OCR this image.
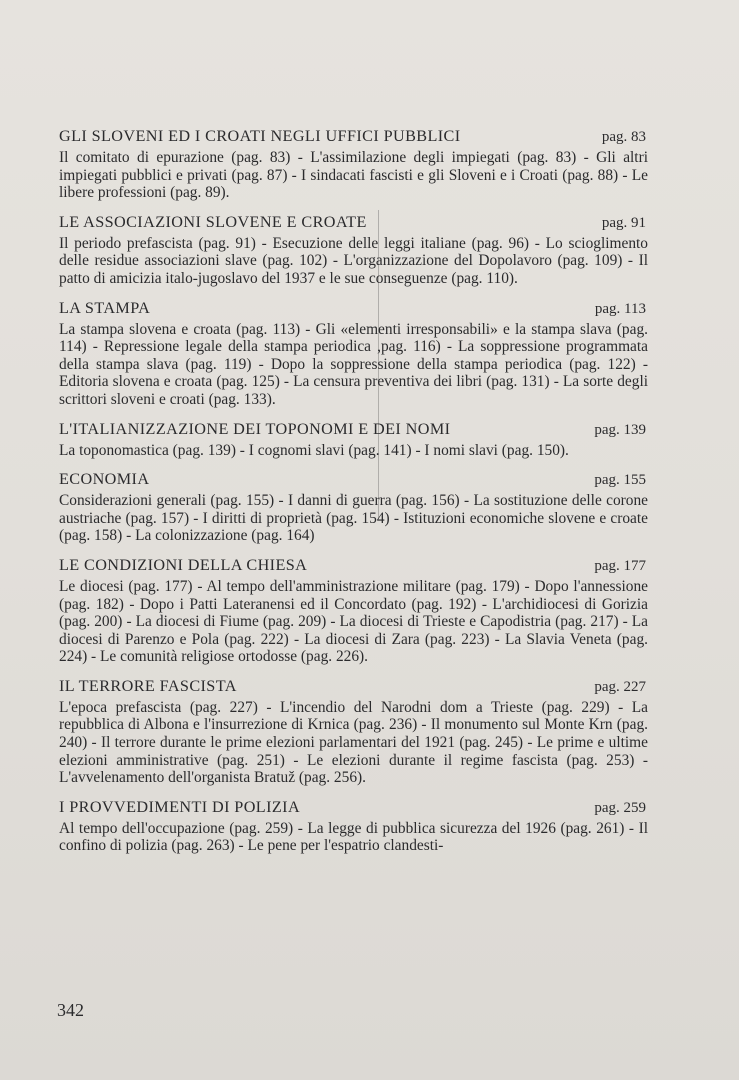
GLI SLOVENI ED I CROATI NEGLI UFFICI PUBBLICI	pag. 83
Il comitato di epurazione (pag. 83) - L'assimilazione degli impiegati (pag. 83) - Gli altri impiegati pubblici e privati (pag. 87) - I sindacati fascisti e gli Sloveni e i Croati (pag. 88) - Le libere professioni (pag. 89).
LE ASSOCIAZIONI SLOVENE E CROATE	pag. 91
Il periodo prefascista (pag. 91) - Esecuzione delle leggi italiane (pag. 96) - Lo scioglimento delle residue associazioni slave (pag. 102) - L'organizzazione del Dopolavoro (pag. 109) - Il patto di amicizia italo-jugoslavo del 1937 e le sue conseguenze (pag. 110).
LA STAMPA	pag. 113
La stampa slovena e croata (pag. 113) - Gli «elementi irresponsabili» e la stampa slava (pag. 114) - Repressione legale della stampa periodica ,pag. 116) - La soppressione programmata della stampa slava (pag. 119) - Dopo la soppressione della stampa periodica (pag. 122) - Editoria slovena e croata (pag. 125) - La censura preventiva dei libri (pag. 131) - La sorte degli scrittori sloveni e croati (pag. 133).
L'ITALIANIZZAZIONE DEI TOPONOMI E DEI NOMI	pag. 139
La toponomastica (pag. 139) - I cognomi slavi (pag. 141) - I nomi slavi (pag. 150).
ECONOMIA	pag. 155
Considerazioni generali (pag. 155) - I danni di guerra (pag. 156) - La sostituzione delle corone austriache (pag. 157) - I diritti di proprietà (pag. 154) - Istituzioni economiche slovene e croate (pag. 158) - La colonizzazione (pag. 164)
LE CONDIZIONI DELLA CHIESA	pag. 177
Le diocesi (pag. 177) - Al tempo dell'amministrazione militare (pag. 179) - Dopo l'annessione (pag. 182) - Dopo i Patti Lateranensi ed il Concordato (pag. 192) - L'archidiocesi di Gorizia (pag. 200) - La diocesi di Fiume (pag. 209) - La diocesi di Trieste e Capodistria (pag. 217) - La diocesi di Parenzo e Pola (pag. 222) - La diocesi di Zara (pag. 223) - La Slavia Veneta (pag. 224) - Le comunità religiose ortodosse (pag. 226).
IL TERRORE FASCISTA	pag. 227
L'epoca prefascista (pag. 227) - L'incendio del Narodni dom a Trieste (pag. 229) - La repubblica di Albona e l'insurrezione di Krnica (pag. 236) - Il monumento sul Monte Krn (pag. 240) - Il terrore durante le prime elezioni parlamentari del 1921 (pag. 245) - Le prime e ultime elezioni amministrative (pag. 251) - Le elezioni durante il regime fascista (pag. 253) - L'avvelenamento dell'organista Bratuž (pag. 256).
I PROVVEDIMENTI DI POLIZIA	pag. 259
Al tempo dell'occupazione (pag. 259) - La legge di pubblica sicurezza del 1926 (pag. 261) - Il confino di polizia (pag. 263) - Le pene per l'espatrio clandesti-
342
